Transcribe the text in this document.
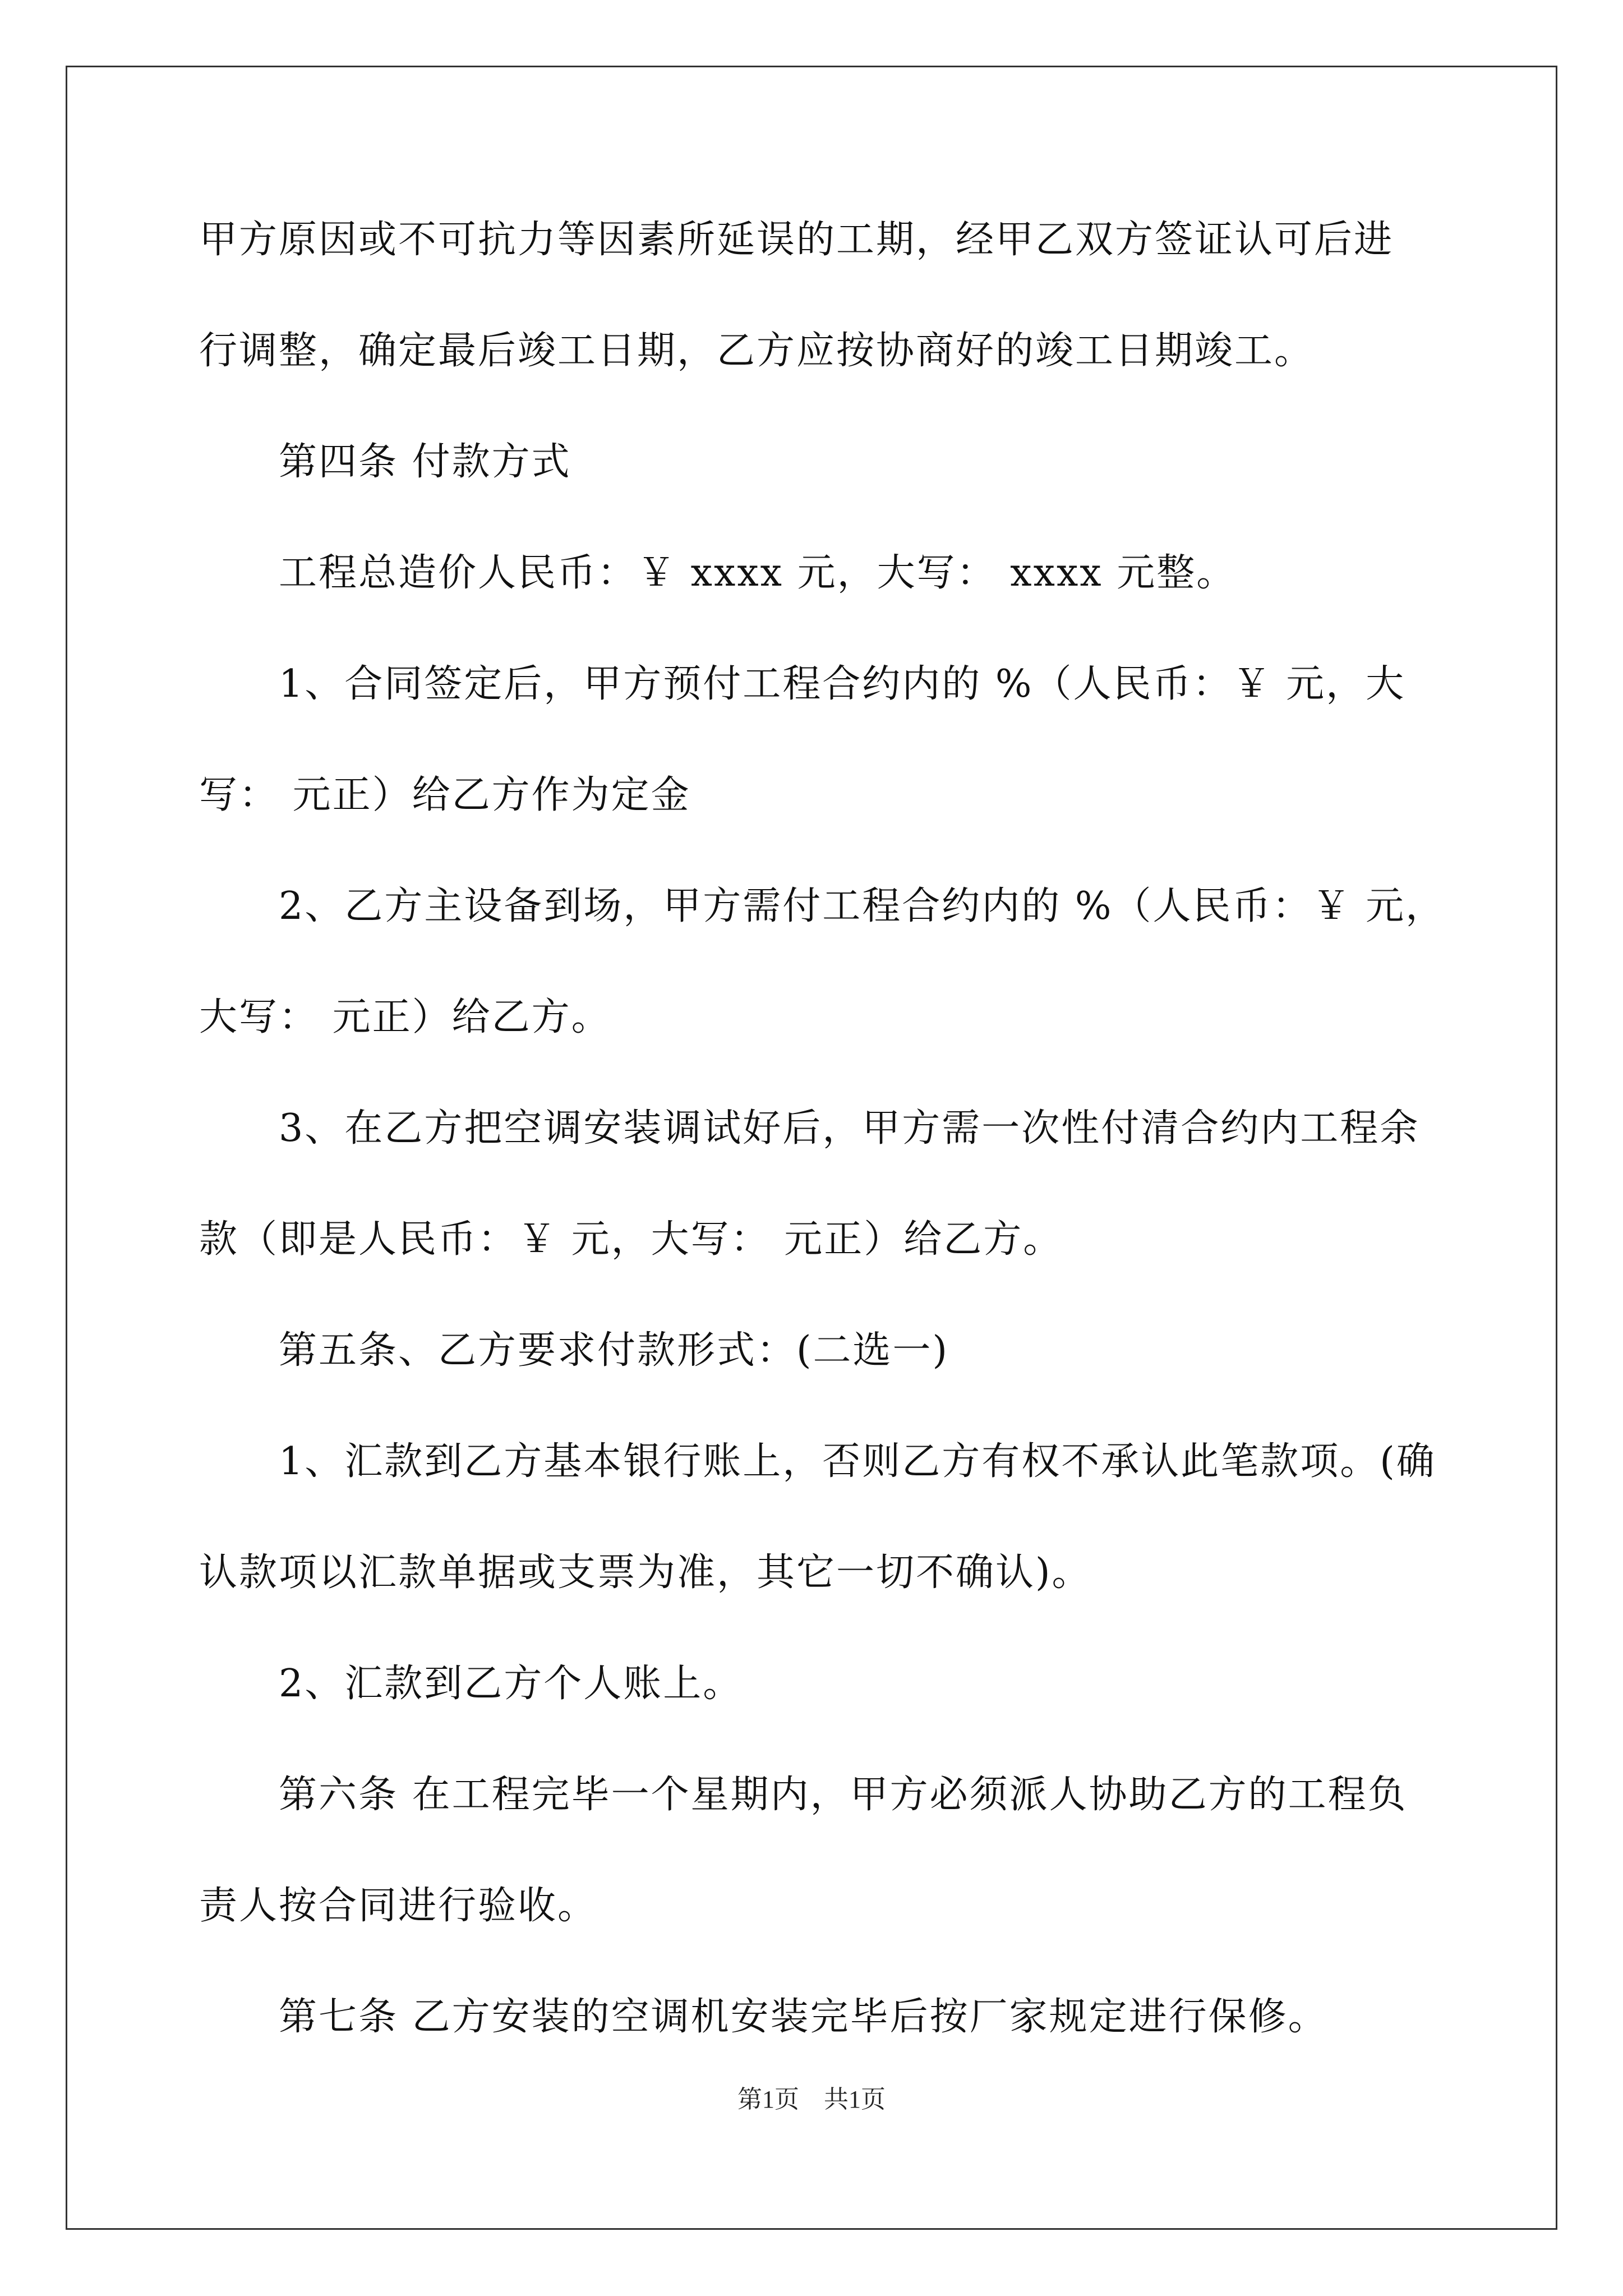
甲方原因或不可抗力等因素所延误的工期，经甲乙双方签证认可后进
行调整，确定最后竣工日期，乙方应按协商好的竣工日期竣工。
　　第四条 付款方式
　　工程总造价人民币：￥ xxxx 元，大写： xxxx 元整。
　　1、合同签定后，甲方预付工程合约内的 %（人民币：￥ 元，大
写： 元正）给乙方作为定金
　　2、乙方主设备到场，甲方需付工程合约内的 %（人民币：￥ 元，
大写： 元正）给乙方。
　　3、在乙方把空调安装调试好后，甲方需一次性付清合约内工程余
款（即是人民币：￥ 元，大写： 元正）给乙方。
　　第五条、乙方要求付款形式：(二选一)
　　1、汇款到乙方基本银行账上，否则乙方有权不承认此笔款项。(确
认款项以汇款单据或支票为准，其它一切不确认)。
　　2、汇款到乙方个人账上。
　　第六条 在工程完毕一个星期内，甲方必须派人协助乙方的工程负
责人按合同进行验收。
　　第七条 乙方安装的空调机安装完毕后按厂家规定进行保修。
第1页　共1页
